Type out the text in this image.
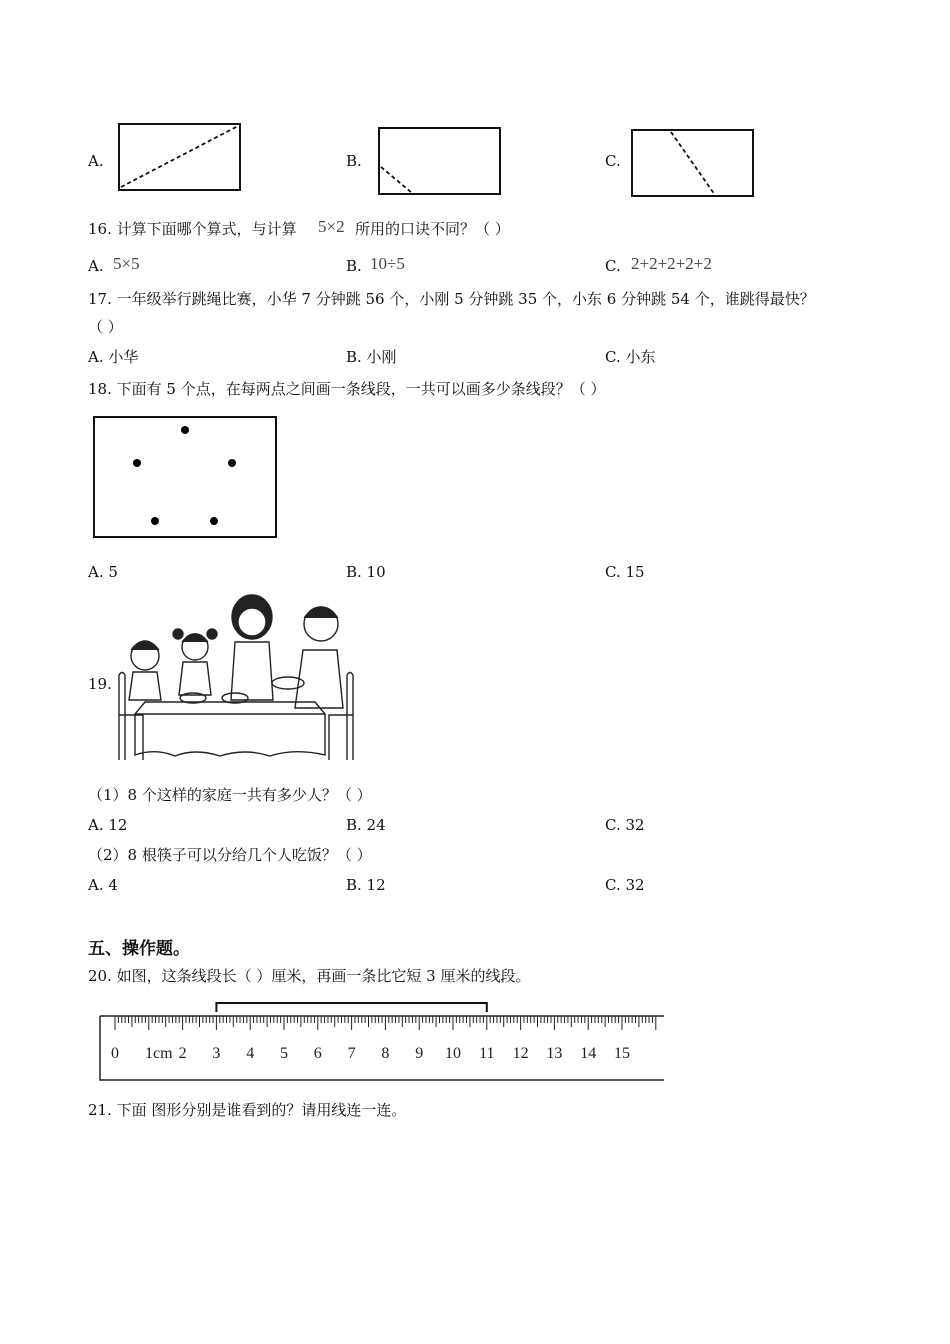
A.	B.	C.
16. 计算下面哪个算式，与计算 5×2 所用的口诀不同？（ ）
A. 5×5	B. 10÷5	C. 2+2+2+2+2
17. 一年级举行跳绳比赛，小华 7 分钟跳 56 个，小刚 5 分钟跳 35 个，小东 6 分钟跳 54 个，谁跳得最快？
（ ）
A. 小华	B. 小刚	C. 小东
18. 下面有 5 个点，在每两点之间画一条线段，一共可以画多少条线段？（ ）
A. 5	B. 10	C. 15
19.
（1）8 个这样的家庭一共有多少人？（ ）
A. 12	B. 24	C. 32
（2）8 根筷子可以分给几个人吃饭？（ ）
A. 4	B. 12	C. 32
五、操作题。
20. 如图，这条线段长（ ）厘米，再画一条比它短 3 厘米的线段。
0 1cm 2 3 4 5 6 7 8 9 10 11 12 13 14 15
21. 下面 图形分别是谁看到的？请用线连一连。
